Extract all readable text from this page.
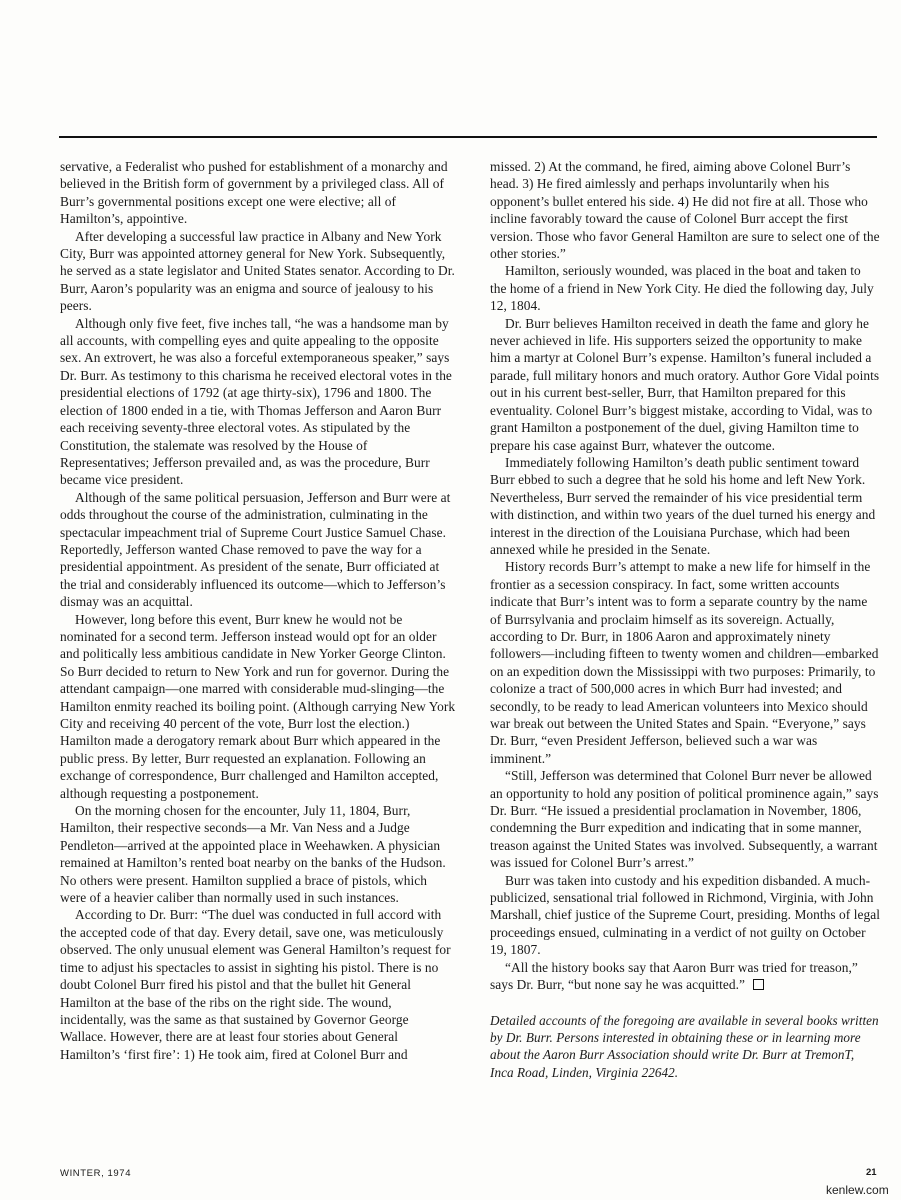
servative, a Federalist who pushed for establishment of a monarchy and believed in the British form of government by a privileged class. All of Burr’s governmental positions except one were elective; all of Hamilton’s, appointive.

After developing a successful law practice in Albany and New York City, Burr was appointed attorney general for New York. Subsequently, he served as a state legislator and United States senator. According to Dr. Burr, Aaron’s popularity was an enigma and source of jealousy to his peers.

Although only five feet, five inches tall, “he was a handsome man by all accounts, with compelling eyes and quite appealing to the opposite sex. An extrovert, he was also a forceful extemporaneous speaker,” says Dr. Burr. As testimony to this charisma he received electoral votes in the presidential elections of 1792 (at age thirty-six), 1796 and 1800. The election of 1800 ended in a tie, with Thomas Jefferson and Aaron Burr each receiving seventy-three electoral votes. As stipulated by the Constitution, the stalemate was resolved by the House of Representatives; Jefferson prevailed and, as was the procedure, Burr became vice president.

Although of the same political persuasion, Jefferson and Burr were at odds throughout the course of the administration, culminating in the spectacular impeachment trial of Supreme Court Justice Samuel Chase. Reportedly, Jefferson wanted Chase removed to pave the way for a presidential appointment. As president of the senate, Burr officiated at the trial and considerably influenced its outcome—which to Jefferson’s dismay was an acquittal.

However, long before this event, Burr knew he would not be nominated for a second term. Jefferson instead would opt for an older and politically less ambitious candidate in New Yorker George Clinton. So Burr decided to return to New York and run for governor. During the attendant campaign—one marred with considerable mud-slinging—the Hamilton enmity reached its boiling point. (Although carrying New York City and receiving 40 percent of the vote, Burr lost the election.) Hamilton made a derogatory remark about Burr which appeared in the public press. By letter, Burr requested an explanation. Following an exchange of correspondence, Burr challenged and Hamilton accepted, although requesting a postponement.

On the morning chosen for the encounter, July 11, 1804, Burr, Hamilton, their respective seconds—a Mr. Van Ness and a Judge Pendleton—arrived at the appointed place in Weehawken. A physician remained at Hamilton’s rented boat nearby on the banks of the Hudson. No others were present. Hamilton supplied a brace of pistols, which were of a heavier caliber than normally used in such instances.

According to Dr. Burr: “The duel was conducted in full accord with the accepted code of that day. Every detail, save one, was meticulously observed. The only unusual element was General Hamilton’s request for time to adjust his spectacles to assist in sighting his pistol. There is no doubt Colonel Burr fired his pistol and that the bullet hit General Hamilton at the base of the ribs on the right side. The wound, incidentally, was the same as that sustained by Governor George Wallace. However, there are at least four stories about General Hamilton’s ‘first fire’: 1) He took aim, fired at Colonel Burr and

missed. 2) At the command, he fired, aiming above Colonel Burr’s head. 3) He fired aimlessly and perhaps involuntarily when his opponent’s bullet entered his side. 4) He did not fire at all. Those who incline favorably toward the cause of Colonel Burr accept the first version. Those who favor General Hamilton are sure to select one of the other stories.”

Hamilton, seriously wounded, was placed in the boat and taken to the home of a friend in New York City. He died the following day, July 12, 1804.

Dr. Burr believes Hamilton received in death the fame and glory he never achieved in life. His supporters seized the opportunity to make him a martyr at Colonel Burr’s expense. Hamilton’s funeral included a parade, full military honors and much oratory. Author Gore Vidal points out in his current best-seller, Burr, that Hamilton prepared for this eventuality. Colonel Burr’s biggest mistake, according to Vidal, was to grant Hamilton a postponement of the duel, giving Hamilton time to prepare his case against Burr, whatever the outcome.

Immediately following Hamilton’s death public sentiment toward Burr ebbed to such a degree that he sold his home and left New York. Nevertheless, Burr served the remainder of his vice presidential term with distinction, and within two years of the duel turned his energy and interest in the direction of the Louisiana Purchase, which had been annexed while he presided in the Senate.

History records Burr’s attempt to make a new life for himself in the frontier as a secession conspiracy. In fact, some written accounts indicate that Burr’s intent was to form a separate country by the name of Burrsylvania and proclaim himself as its sovereign. Actually, according to Dr. Burr, in 1806 Aaron and approximately ninety followers—including fifteen to twenty women and children—embarked on an expedition down the Mississippi with two purposes: Primarily, to colonize a tract of 500,000 acres in which Burr had invested; and secondly, to be ready to lead American volunteers into Mexico should war break out between the United States and Spain. “Everyone,” says Dr. Burr, “even President Jefferson, believed such a war was imminent.”

“Still, Jefferson was determined that Colonel Burr never be allowed an opportunity to hold any position of political prominence again,” says Dr. Burr. “He issued a presidential proclamation in November, 1806, condemning the Burr expedition and indicating that in some manner, treason against the United States was involved. Subsequently, a warrant was issued for Colonel Burr’s arrest.”

Burr was taken into custody and his expedition disbanded. A much-publicized, sensational trial followed in Richmond, Virginia, with John Marshall, chief justice of the Supreme Court, presiding. Months of legal proceedings ensued, culminating in a verdict of not guilty on October 19, 1807.

“All the history books say that Aaron Burr was tried for treason,” says Dr. Burr, “but none say he was acquitted.”

Detailed accounts of the foregoing are available in several books written by Dr. Burr. Persons interested in obtaining these or in learning more about the Aaron Burr Association should write Dr. Burr at TremonT, Inca Road, Linden, Virginia 22642.
WINTER, 1974	21
kenlew.com
